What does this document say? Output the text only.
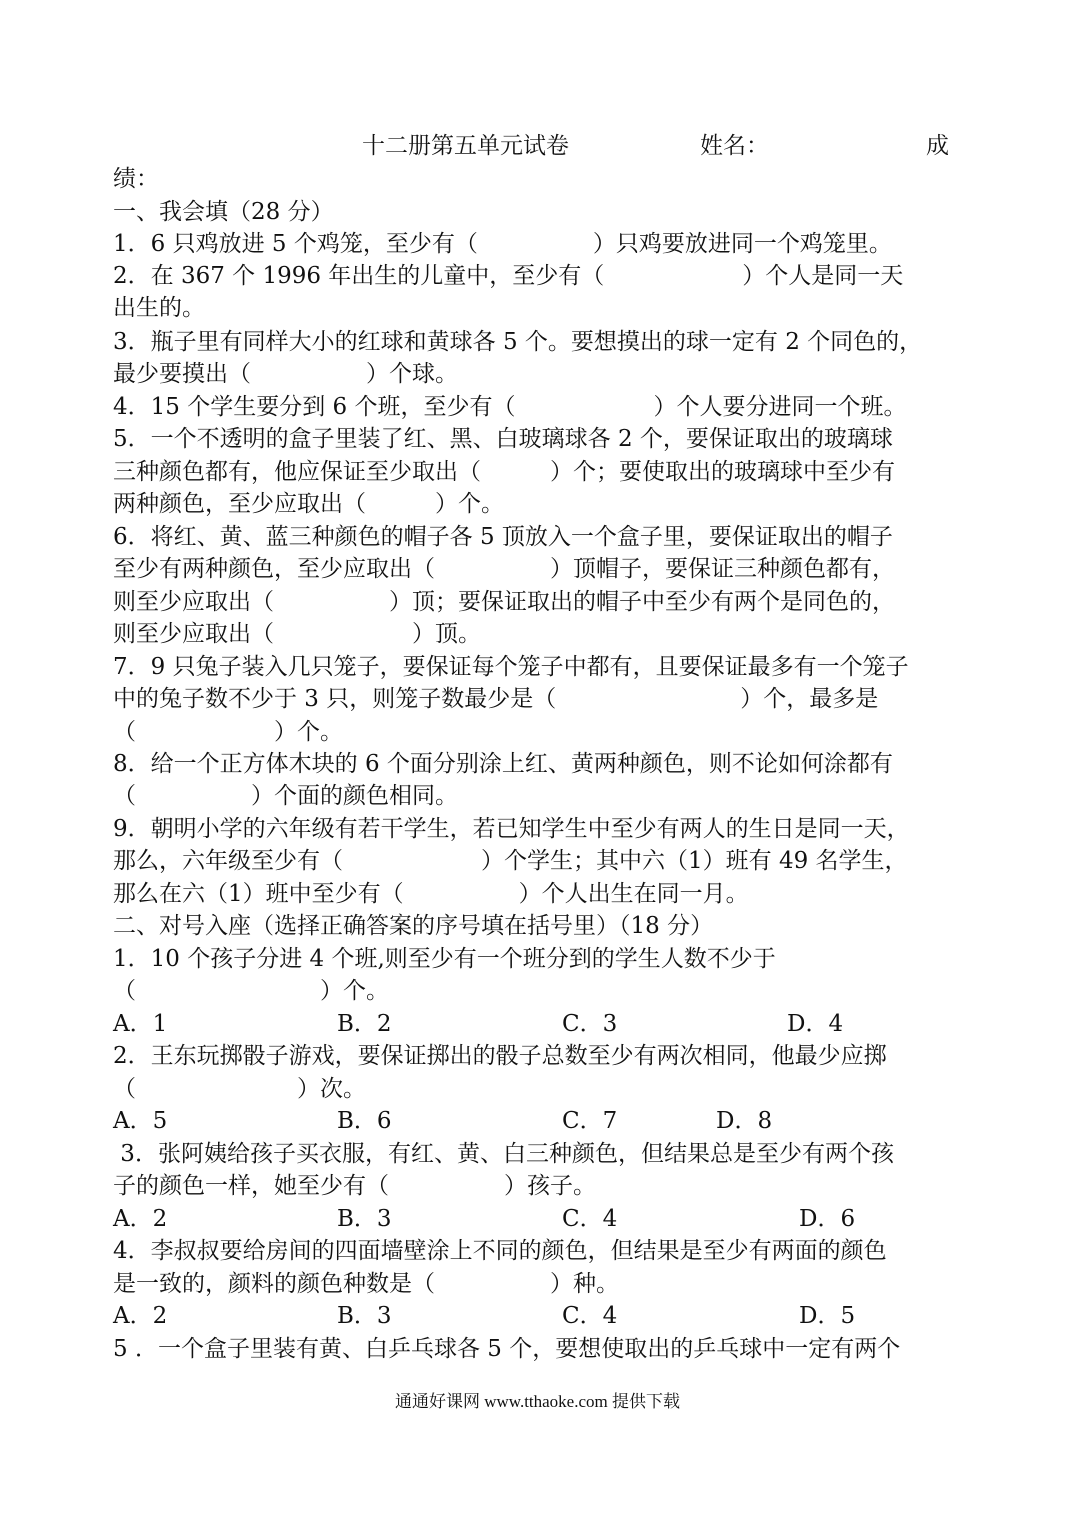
十二册第五单元试卷	姓名：	成
绩：
一、我会填（28 分）
1．6 只鸡放进 5 个鸡笼，至少有（　　　　　）只鸡要放进同一个鸡笼里。
2．在 367 个 1996 年出生的儿童中，至少有（　　　　　　）个人是同一天
出生的。
3．瓶子里有同样大小的红球和黄球各 5 个。要想摸出的球一定有 2 个同色的，
最少要摸出（　　　　　）个球。
4．15 个学生要分到 6 个班，至少有（　　　　　　）个人要分进同一个班。
5．一个不透明的盒子里装了红、黑、白玻璃球各 2 个，要保证取出的玻璃球
三种颜色都有，他应保证至少取出（　　　）个；要使取出的玻璃球中至少有
两种颜色，至少应取出（　　　）个。
6．将红、黄、蓝三种颜色的帽子各 5 顶放入一个盒子里，要保证取出的帽子
至少有两种颜色，至少应取出（　　　　　）顶帽子，要保证三种颜色都有，
则至少应取出（　　　　　）顶；要保证取出的帽子中至少有两个是同色的，
则至少应取出（　　　　　　）顶。
7．9 只兔子装入几只笼子，要保证每个笼子中都有，且要保证最多有一个笼子
中的兔子数不少于 3 只，则笼子数最少是（　　　　　　　　）个，最多是
（　　　　　　）个。
8．给一个正方体木块的 6 个面分别涂上红、黄两种颜色，则不论如何涂都有
（　　　　　）个面的颜色相同。
9．朝明小学的六年级有若干学生，若已知学生中至少有两人的生日是同一天，
那么，六年级至少有（　　　　　　）个学生；其中六（1）班有 49 名学生，
那么在六（1）班中至少有（　　　　　）个人出生在同一月。
二、对号入座（选择正确答案的序号填在括号里）（18 分）
1．10 个孩子分进 4 个班,则至少有一个班分到的学生人数不少于
（　　　　　　　　）个。
A．1	B．2	C．3	D．4
2．王东玩掷骰子游戏，要保证掷出的骰子总数至少有两次相同，他最少应掷
（　　　　　　　）次。
A．5	B．6	C．7	D．8
3．张阿姨给孩子买衣服，有红、黄、白三种颜色，但结果总是至少有两个孩
子的颜色一样，她至少有（　　　　　）孩子。
A．2	B．3	C．4	D．6
4．李叔叔要给房间的四面墙壁涂上不同的颜色，但结果是至少有两面的颜色
是一致的，颜料的颜色种数是（　　　　　）种。
A．2	B．3	C．4	D．5
5 ．一个盒子里装有黄、白乒乓球各 5 个，要想使取出的乒乓球中一定有两个
通通好课网 www.tthaoke.com 提供下载
